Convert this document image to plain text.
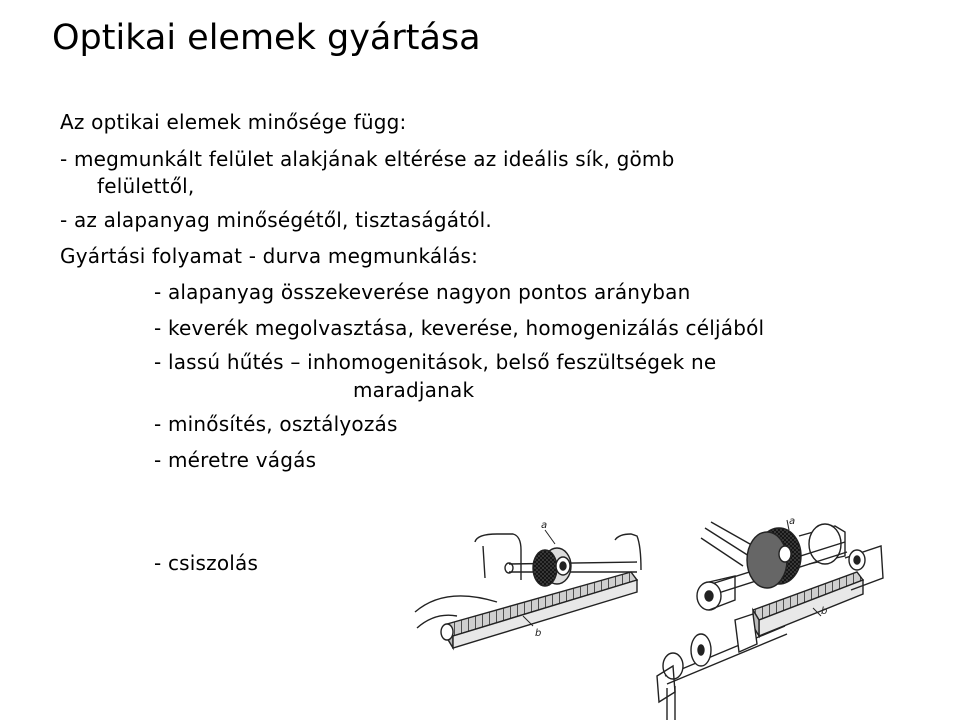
Optikai elemek gyártása
Az optikai elemek minősége függ:
- megmunkált felület alakjának eltérése az ideális sík, gömb
felülettől,
- az alapanyag minőségétől, tisztaságától.
Gyártási folyamat - durva megmunkálás:
- alapanyag összekeverése nagyon pontos arányban
- keverék megolvasztása, keverése, homogenizálás céljából
- lassú hűtés – inhomogenitások, belső feszültségek ne
maradjanak
- minősítés, osztályozás
- méretre vágás
- csiszolás
a
b
a
b
